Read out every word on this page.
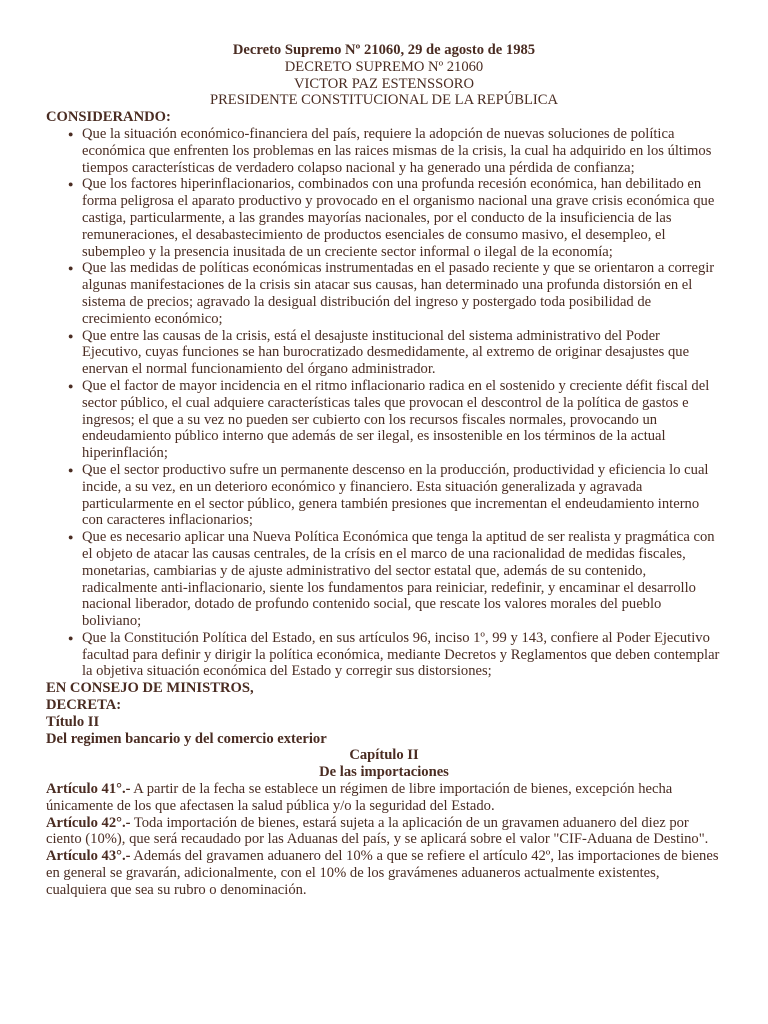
Decreto Supremo Nº 21060, 29 de agosto de 1985
DECRETO SUPREMO Nº 21060
VICTOR PAZ ESTENSSORO
PRESIDENTE CONSTITUCIONAL DE LA REPÚBLICA
CONSIDERANDO:
● Que la situación económico-financiera del país, requiere la adopción de nuevas soluciones de política económica que enfrenten los problemas en las raices mismas de la crisis, la cual ha adquirido en los últimos tiempos características de verdadero colapso nacional y ha generado una pérdida de confianza;
● Que los factores hiperinflacionarios, combinados con una profunda recesión económica, han debilitado en forma peligrosa el aparato productivo y provocado en el organismo nacional una grave crisis económica que castiga, particularmente, a las grandes mayorías nacionales, por el conducto de la insuficiencia de las remuneraciones, el desabastecimiento de productos esenciales de consumo masivo, el desempleo, el subempleo y la presencia inusitada de un creciente sector informal o ilegal de la economía;
● Que las medidas de políticas económicas instrumentadas en el pasado reciente y que se orientaron a corregir algunas manifestaciones de la crisis sin atacar sus causas, han determinado una profunda distorsión en el sistema de precios; agravado la desigual distribución del ingreso y postergado toda posibilidad de crecimiento económico;
● Que entre las causas de la crisis, está el desajuste institucional del sistema administrativo del Poder Ejecutivo, cuyas funciones se han burocratizado desmedidamente, al extremo de originar desajustes que enervan el normal funcionamiento del órgano administrador.
● Que el factor de mayor incidencia en el ritmo inflacionario radica en el sostenido y creciente défit fiscal del sector público, el cual adquiere características tales que provocan el descontrol de la política de gastos e ingresos; el que a su vez no pueden ser cubierto con los recursos fiscales normales, provocando un endeudamiento público interno que además de ser ilegal, es insostenible en los términos de la actual hiperinflación;
● Que el sector productivo sufre un permanente descenso en la producción, productividad y eficiencia lo cual incide, a su vez, en un deterioro económico y financiero. Esta situación generalizada y agravada particularmente en el sector público, genera también presiones que incrementan el endeudamiento interno con caracteres inflacionarios;
● Que es necesario aplicar una Nueva Política Económica que tenga la aptitud de ser realista y pragmática con el objeto de atacar las causas centrales, de la crísis en el marco de una racionalidad de medidas fiscales, monetarias, cambiarias y de ajuste administrativo del sector estatal que, además de su contenido, radicalmente anti-inflacionario, siente los fundamentos para reiniciar, redefinir, y encaminar el desarrollo nacional liberador, dotado de profundo contenido social, que rescate los valores morales del pueblo boliviano;
● Que la Constitución Política del Estado, en sus artículos 96, inciso 1º, 99 y 143, confiere al Poder Ejecutivo facultad para definir y dirigir la política económica, mediante Decretos y Reglamentos que deben contemplar la objetiva situación económica del Estado y corregir sus distorsiones;
EN CONSEJO DE MINISTROS,
DECRETA:
Título II
Del regimen bancario y del comercio exterior
Capítulo II
De las importaciones

Artículo 41°.- A partir de la fecha se establece un régimen de libre importación de bienes, excepción hecha únicamente de los que afectasen la salud pública y/o la seguridad del Estado.

Artículo 42°.- Toda importación de bienes, estará sujeta a la aplicación de un gravamen aduanero del diez por ciento (10%), que será recaudado por las Aduanas del país, y se aplicará sobre el valor "CIF-Aduana de Destino".

Artículo 43°.- Además del gravamen aduanero del 10% a que se refiere el artículo 42º, las importaciones de bienes en general se gravarán, adicionalmente, con el 10% de los gravámenes aduaneros actualmente existentes, cualquiera que sea su rubro o denominación.
